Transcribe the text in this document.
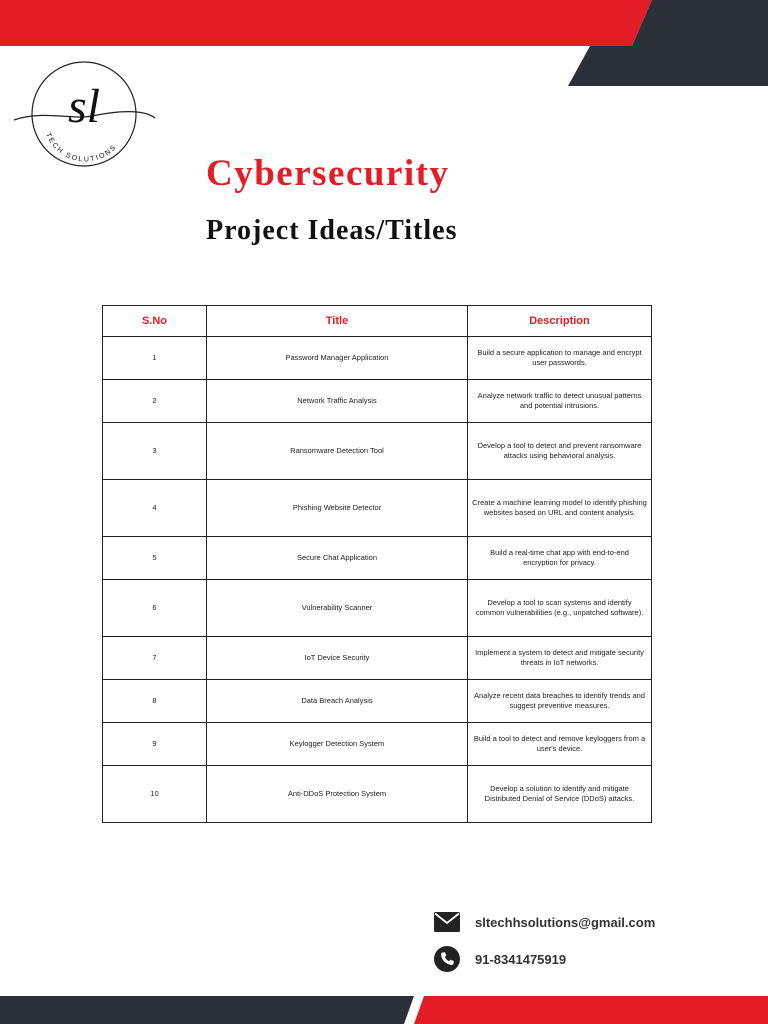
sl
TECH SOLUTIONS
Cybersecurity
Project Ideas/Titles
S.No	Title	Description
1	Password Manager Application	Build a secure application to manage and encrypt user passwords.
2	Network Traffic Analysis	Analyze network traffic to detect unusual patterns and potential intrusions.
3	Ransomware Detection Tool	Develop a tool to detect and prevent ransomware attacks using behavioral analysis.
4	Phishing Website Detector	Create a machine learning model to identify phishing websites based on URL and content analysis.
5	Secure Chat Application	Build a real-time chat app with end-to-end encryption for privacy.
6	Vulnerability Scanner	Develop a tool to scan systems and identify common vulnerabilities (e.g., unpatched software).
7	IoT Device Security	Implement a system to detect and mitigate security threats in IoT networks.
8	Data Breach Analysis	Analyze recent data breaches to identify trends and suggest preventive measures.
9	Keylogger Detection System	Build a tool to detect and remove keyloggers from a user's device.
10	Anti-DDoS Protection System	Develop a solution to identify and mitigate Distributed Denial of Service (DDoS) attacks.
sltechhsolutions@gmail.com
91-8341475919
